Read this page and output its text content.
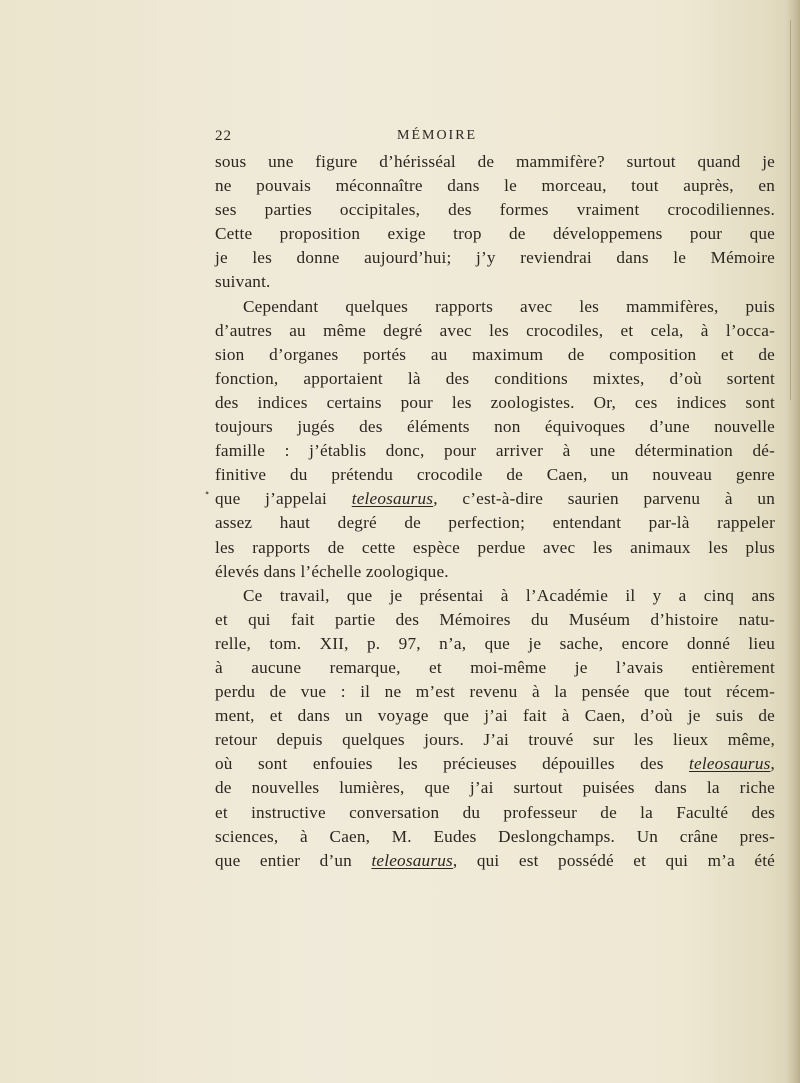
22	MÉMOIRE
•
sous une figure d’hérisséal de mammifère? surtout quand je
ne pouvais méconnaître dans le morceau, tout auprès, en
ses parties occipitales, des formes vraiment crocodiliennes.
Cette proposition exige trop de développemens pour que
je les donne aujourd’hui; j’y reviendrai dans le Mémoire
suivant.
Cependant quelques rapports avec les mammifères, puis
d’autres au même degré avec les crocodiles, et cela, à l’occa-
sion d’organes portés au maximum de composition et de
fonction, apportaient là des conditions mixtes, d’où sortent
des indices certains pour les zoologistes. Or, ces indices sont
toujours jugés des éléments non équivoques d’une nouvelle
famille : j’établis donc, pour arriver à une détermination dé-
finitive du prétendu crocodile de Caen, un nouveau genre
que j’appelai teleosaurus, c’est-à-dire saurien parvenu à un
assez haut degré de perfection; entendant par-là rappeler
les rapports de cette espèce perdue avec les animaux les plus
élevés dans l’échelle zoologique.
Ce travail, que je présentai à l’Académie il y a cinq ans
et qui fait partie des Mémoires du Muséum d’histoire natu-
relle, tom. XII, p. 97, n’a, que je sache, encore donné lieu
à aucune remarque, et moi-même je l’avais entièrement
perdu de vue : il ne m’est revenu à la pensée que tout récem-
ment, et dans un voyage que j’ai fait à Caen, d’où je suis de
retour depuis quelques jours. J’ai trouvé sur les lieux même,
où sont enfouies les précieuses dépouilles des teleosaurus,
de nouvelles lumières, que j’ai surtout puisées dans la riche
et instructive conversation du professeur de la Faculté des
sciences, à Caen, M. Eudes Deslongchamps. Un crâne pres-
que entier d’un teleosaurus, qui est possédé et qui m’a été
